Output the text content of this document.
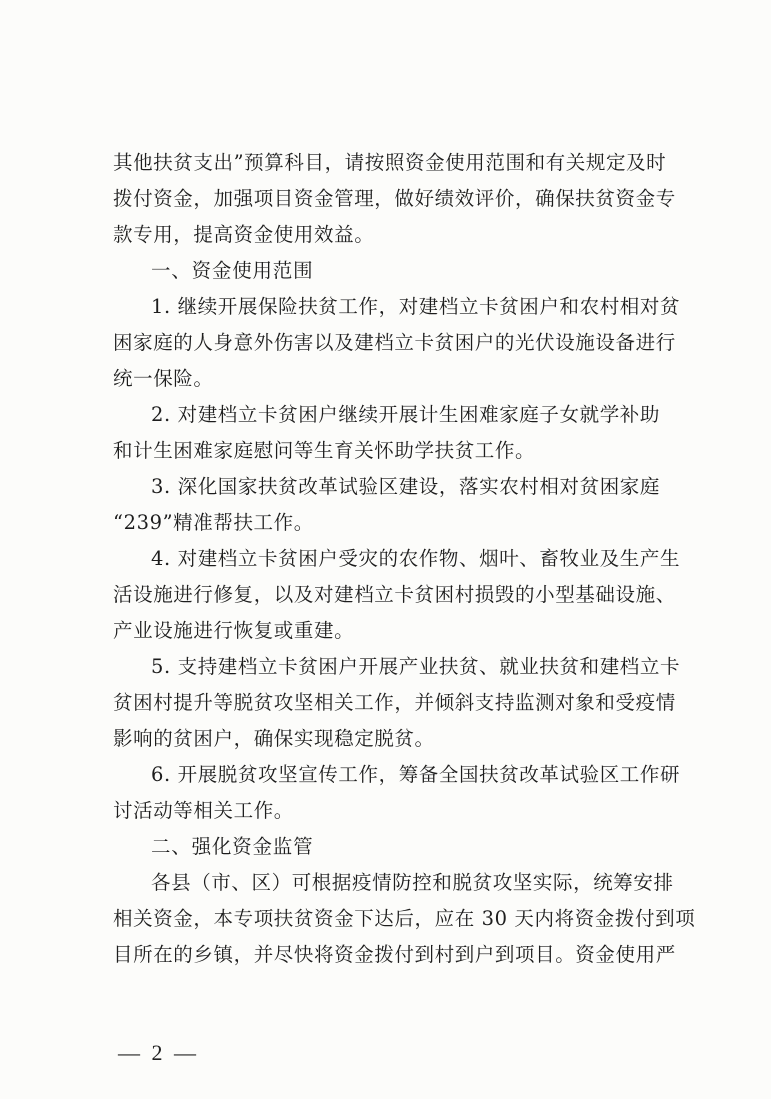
其他扶贫支出”预算科目，请按照资金使用范围和有关规定及时
拨付资金，加强项目资金管理，做好绩效评价，确保扶贫资金专
款专用，提高资金使用效益。
一、资金使用范围
1. 继续开展保险扶贫工作，对建档立卡贫困户和农村相对贫
困家庭的人身意外伤害以及建档立卡贫困户的光伏设施设备进行
统一保险。
2. 对建档立卡贫困户继续开展计生困难家庭子女就学补助
和计生困难家庭慰问等生育关怀助学扶贫工作。
3. 深化国家扶贫改革试验区建设，落实农村相对贫困家庭
“239”精准帮扶工作。
4. 对建档立卡贫困户受灾的农作物、烟叶、畜牧业及生产生
活设施进行修复，以及对建档立卡贫困村损毁的小型基础设施、
产业设施进行恢复或重建。
5. 支持建档立卡贫困户开展产业扶贫、就业扶贫和建档立卡
贫困村提升等脱贫攻坚相关工作，并倾斜支持监测对象和受疫情
影响的贫困户，确保实现稳定脱贫。
6. 开展脱贫攻坚宣传工作，筹备全国扶贫改革试验区工作研
讨活动等相关工作。
二、强化资金监管
各县（市、区）可根据疫情防控和脱贫攻坚实际，统筹安排
相关资金，本专项扶贫资金下达后，应在 30 天内将资金拨付到项
目所在的乡镇，并尽快将资金拨付到村到户到项目。资金使用严
— 2 —
